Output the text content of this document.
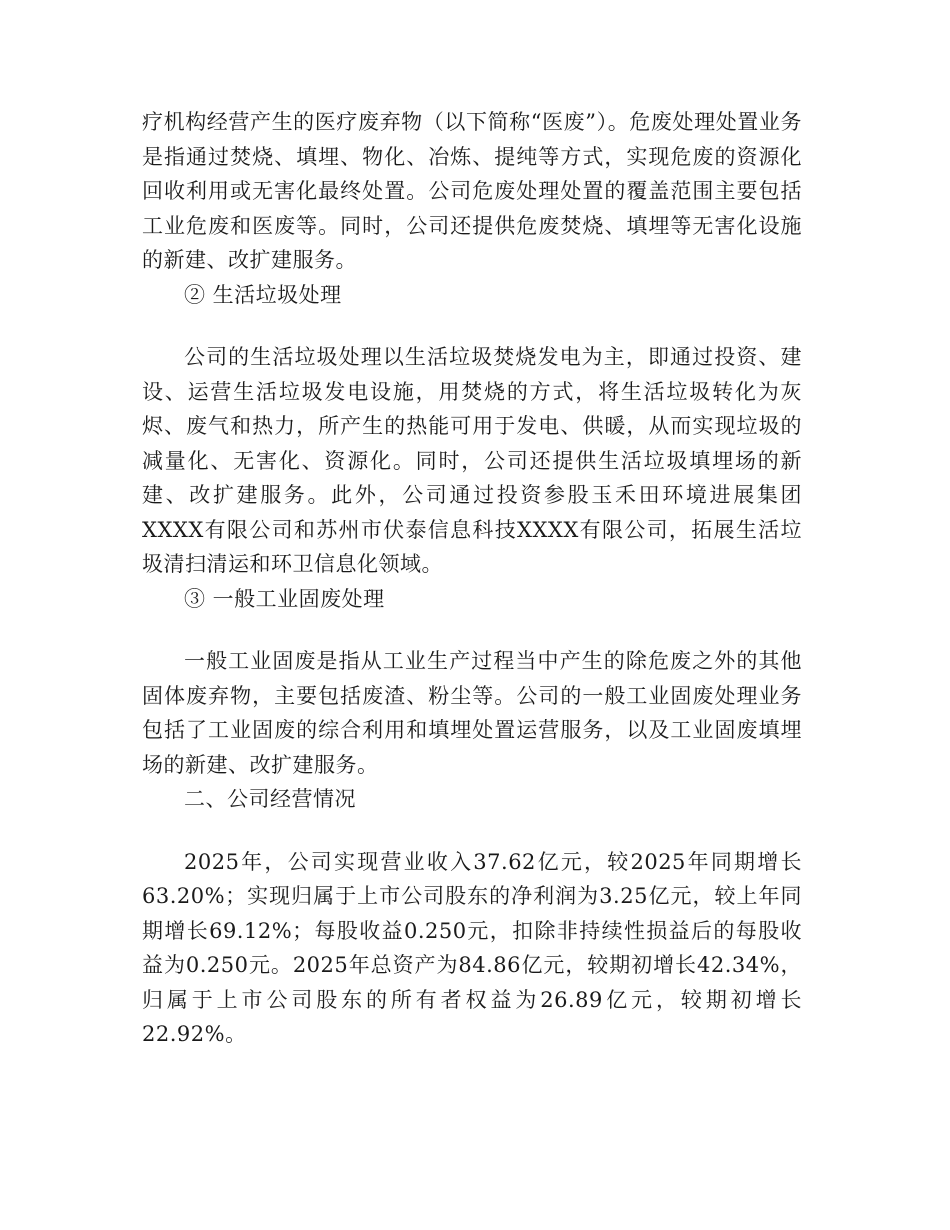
疗机构经营产生的医疗废弃物（以下简称“医废”）。危废处理处置业务是指通过焚烧、填埋、物化、冶炼、提纯等方式，实现危废的资源化回收利用或无害化最终处置。公司危废处理处置的覆盖范围主要包括工业危废和医废等。同时，公司还提供危废焚烧、填埋等无害化设施的新建、改扩建服务。

② 生活垃圾处理

公司的生活垃圾处理以生活垃圾焚烧发电为主，即通过投资、建设、运营生活垃圾发电设施，用焚烧的方式，将生活垃圾转化为灰烬、废气和热力，所产生的热能可用于发电、供暖，从而实现垃圾的减量化、无害化、资源化。同时，公司还提供生活垃圾填埋场的新建、改扩建服务。此外，公司通过投资参股玉禾田环境进展集团XXXX有限公司和苏州市伏泰信息科技XXXX有限公司，拓展生活垃圾清扫清运和环卫信息化领域。

③ 一般工业固废处理

一般工业固废是指从工业生产过程当中产生的除危废之外的其他固体废弃物，主要包括废渣、粉尘等。公司的一般工业固废处理业务包括了工业固废的综合利用和填埋处置运营服务，以及工业固废填埋场的新建、改扩建服务。

二、公司经营情况

2025年，公司实现营业收入37.62亿元，较2025年同期增长63.20%；实现归属于上市公司股东的净利润为3.25亿元，较上年同期增长69.12%；每股收益0.250元，扣除非持续性损益后的每股收益为0.250元。2025年总资产为84.86亿元，较期初增长42.34%，归属于上市公司股东的所有者权益为26.89亿元，较期初增长22.92%。
